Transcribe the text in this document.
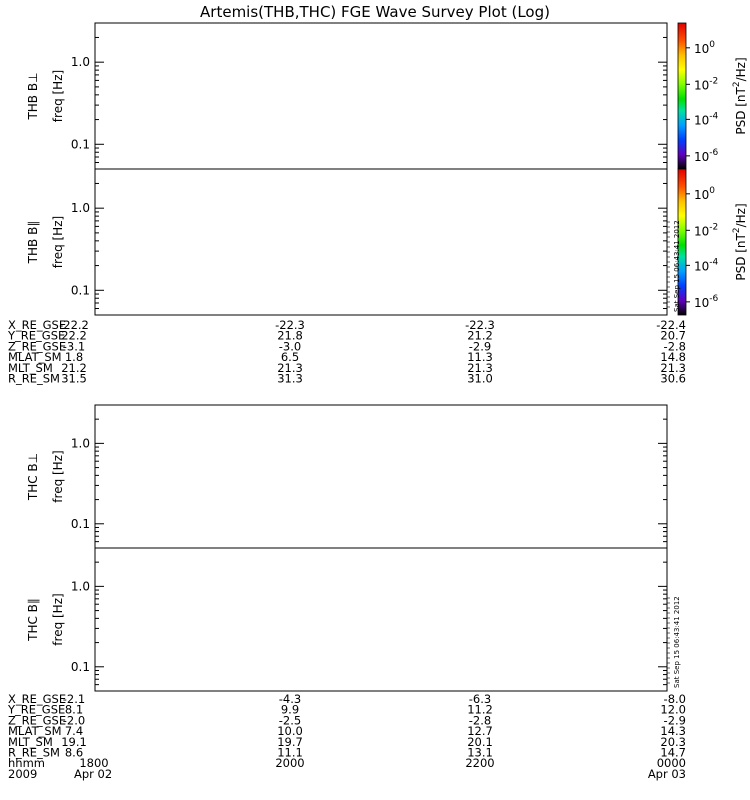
Artemis(THB,THC) FGE Wave Survey Plot (Log)
1.0
0.1
freq [Hz]
THB B⊥
1.0
0.1
freq [Hz]
THB B∥
1.0
0.1
freq [Hz]
THC B⊥
1.0
0.1
freq [Hz]
THC B∥
$10^0$
$10^{-2}$
$10^{-4}$
$10^{-6}$
PSD $[nT^2/Hz]$
$10^0$
$10^{-2}$
$10^{-4}$
$10^{-6}$
PSD $[nT^2/Hz]$
X_RE_GSE
-22.2	-22.3	-22.3	-22.4
Y_RE_GSE
22.2	21.8	21.2	20.7
Z_RE_GSE
-3.1	-3.0	-2.9	-2.8
MLAT_SM 1.8	6.5	11.3	14.8
MLT_SM 21.2	21.3	21.3	21.3
R_RE_SM 31.5	31.3	31.0	30.6
X_RE_GSE
-2.1	-4.3	-6.3	-8.0
Y_RE_GSE 8.1	9.9	11.2	12.0
Z_RE_GSE
-2.0	-2.5	-2.8	-2.9
MLAT_SM 7.4	10.0	12.7	14.3
MLT_SM 19.1	19.7	20.1	20.3
R_RE_SM 8.6	11.1	13.1	14.7
hhmm	1800	2000	2200	0000
2009	Apr 02	Apr 03
Sat Sep 15 06:43:41 2012
Sat Sep 15 06:43:41 2012
